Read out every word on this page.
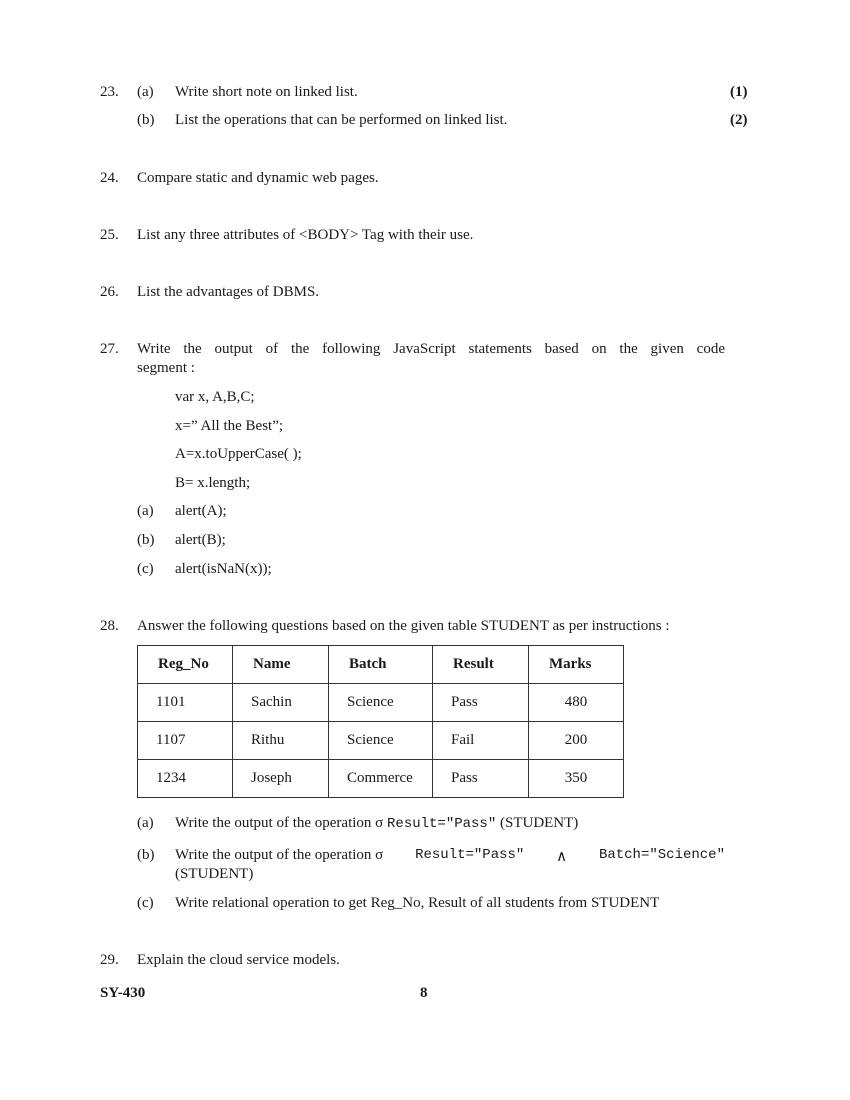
23. (a) Write short note on linked list.	(1)
(b) List the operations that can be performed on linked list.	(2)
24. Compare static and dynamic web pages.
25. List any three attributes of <BODY> Tag with their use.
26. List the advantages of DBMS.
27. Write the output of the following JavaScript statements based on the given code
segment :
var x, A,B,C;
x=” All the Best”;
A=x.toUpperCase( );
B= x.length;
(a) alert(A);
(b) alert(B);
(c) alert(isNaN(x));
28. Answer the following questions based on the given table STUDENT as per instructions :
Reg_No	Name	Batch	Result	Marks
1101	Sachin	Science	Pass	480
1107	Rithu	Science	Fail	200
1234	Joseph	Commerce	Pass	350
(a) Write the output of the operation σ Result="Pass" (STUDENT)
(b) Write the output of the operation σ Result="Pass" ∧ Batch="Science"
(STUDENT)
(c) Write relational operation to get Reg_No, Result of all students from STUDENT
29. Explain the cloud service models.
SY-430	8
